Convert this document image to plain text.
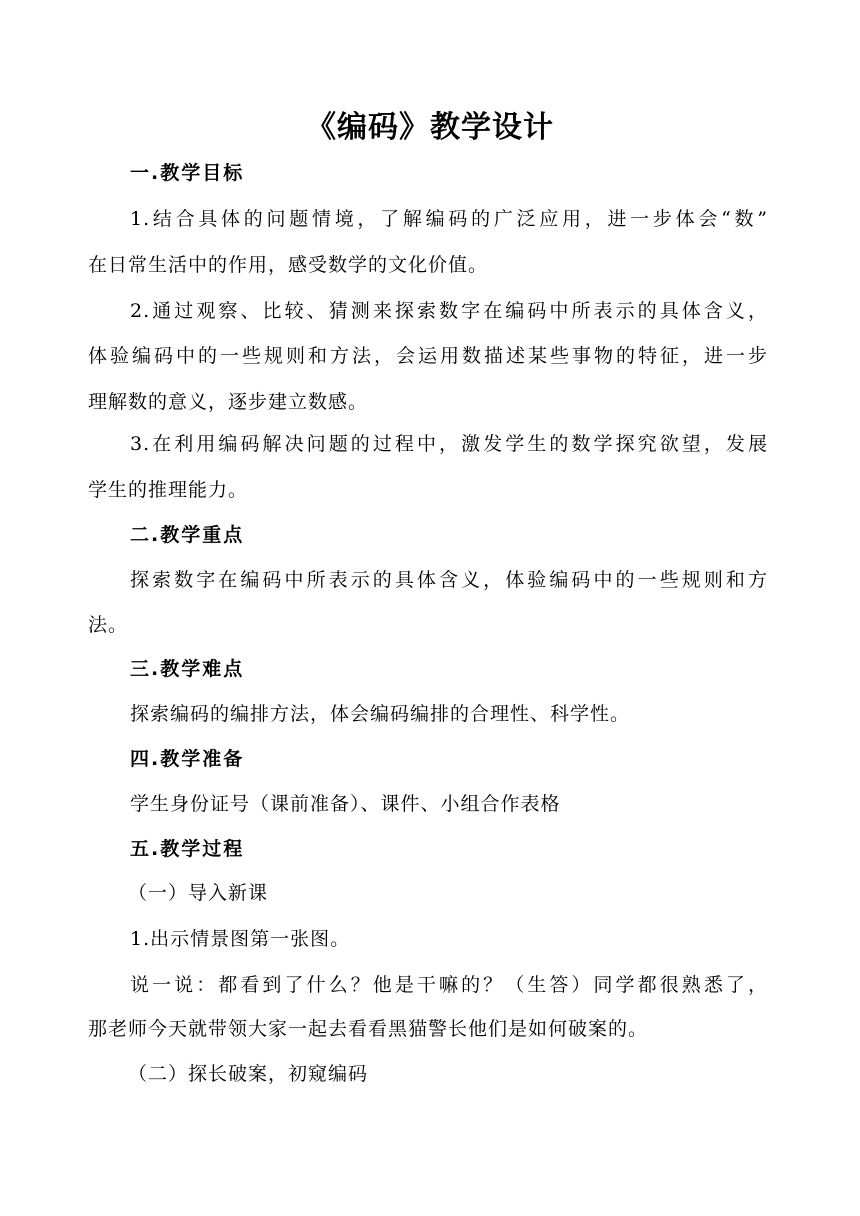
《编码》教学设计
一.教学目标
1.结合具体的问题情境，了解编码的广泛应用，进一步体会“数”
在日常生活中的作用，感受数学的文化价值。
2.通过观察、比较、猜测来探索数字在编码中所表示的具体含义，
体验编码中的一些规则和方法，会运用数描述某些事物的特征，进一步
理解数的意义，逐步建立数感。
3.在利用编码解决问题的过程中，激发学生的数学探究欲望，发展
学生的推理能力。
二.教学重点
探索数字在编码中所表示的具体含义，体验编码中的一些规则和方
法。
三.教学难点
探索编码的编排方法，体会编码编排的合理性、科学性。
四.教学准备
学生身份证号（课前准备）、课件、小组合作表格
五.教学过程
（一）导入新课
1.出示情景图第一张图。
说一说：都看到了什么？他是干嘛的？（生答）同学都很熟悉了，
那老师今天就带领大家一起去看看黑猫警长他们是如何破案的。
（二）探长破案，初窥编码
